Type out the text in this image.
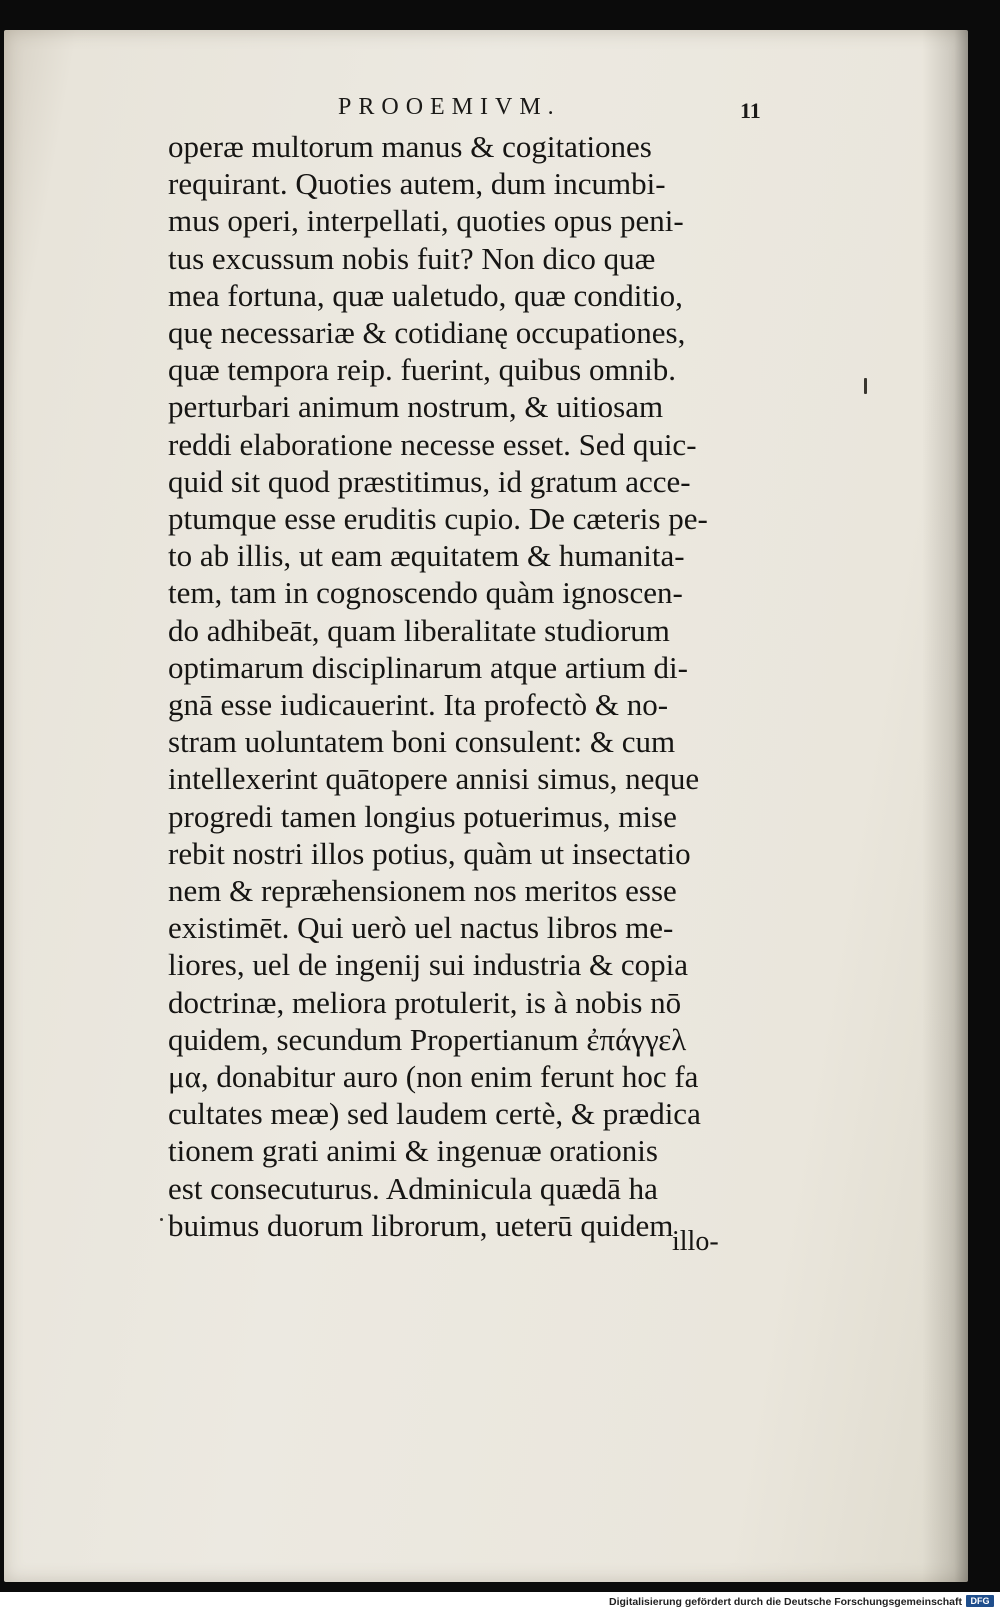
PROOEMIVM.	11
operæ multorum manus & cogitationes
requirant. Quoties autem, dum incumbi-
mus operi, interpellati, quoties opus peni-
tus excussum nobis fuit? Non dico quæ
mea fortuna, quæ ualetudo, quæ conditio,
quę necessariæ & cotidianę occupationes,
quæ tempora reip. fuerint, quibus omnib.
perturbari animum nostrum, & uitiosam
reddi elaboratione necesse esset. Sed quic-
quid sit quod præstitimus, id gratum acce-
ptumque esse eruditis cupio. De cæteris pe-
to ab illis, ut eam æquitatem & humanita-
tem, tam in cognoscendo quàm ignoscen-
do adhibeāt, quam liberalitate studiorum
optimarum disciplinarum atque artium di-
gnā esse iudicauerint. Ita profectò & no-
stram uoluntatem boni consulent: & cum
intellexerint quātopere annisi simus, neque
progredi tamen longius potuerimus, mise
rebit nostri illos potius, quàm ut insectatio
nem & repræhensionem nos meritos esse
existimēt. Qui uerò uel nactus libros me-
liores, uel de ingenij sui industria & copia
doctrinæ, meliora protulerit, is à nobis nō
quidem, secundum Propertianum ἐπάγγελ
μα, donabitur auro (non enim ferunt hoc fa
cultates meæ) sed laudem certè, & prædica
tionem grati animi & ingenuæ orationis
est consecuturus. Adminicula quædā ha
buimus duorum librorum, ueterū quidem
illo-
Digitalisierung gefördert durch die Deutsche Forschungsgemeinschaft DFG
